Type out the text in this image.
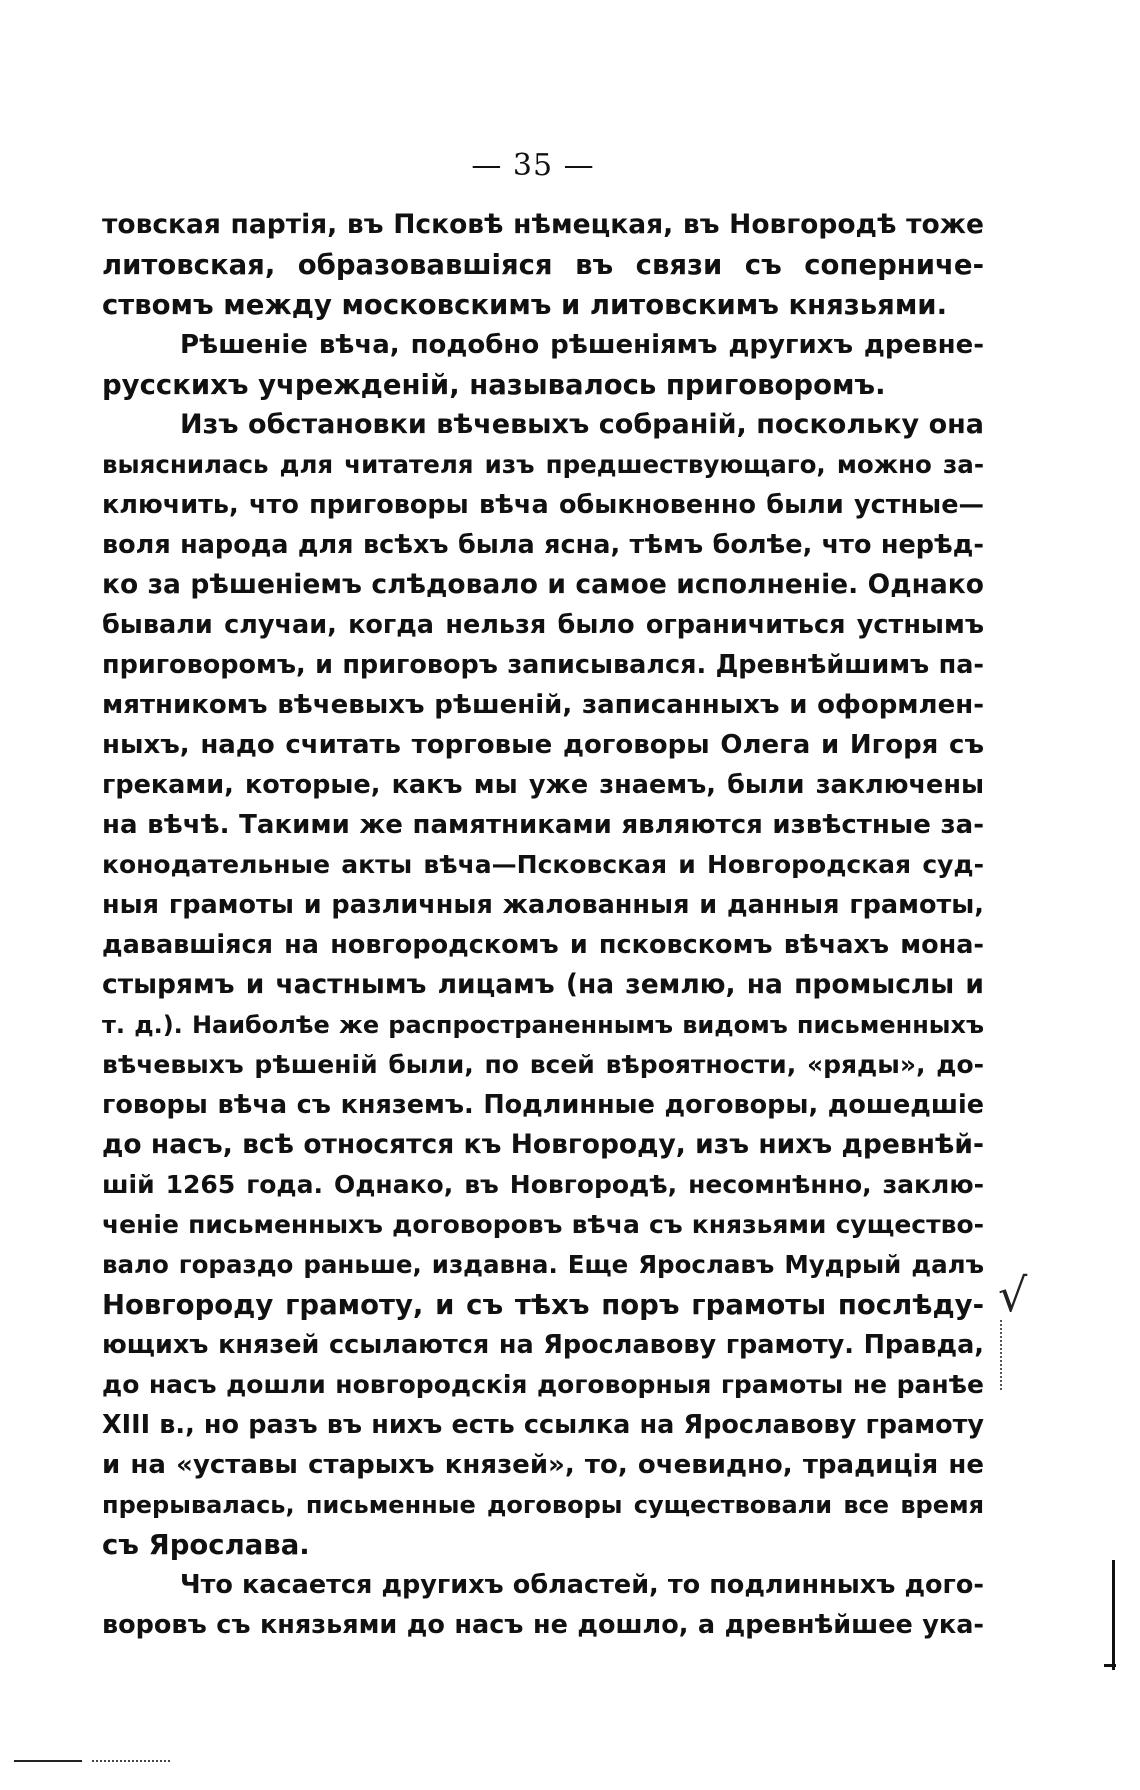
— 35 —
товская партія, въ Псковѣ нѣмецкая, въ Новгородѣ тоже
литовская, образовавшіяся въ связи съ соперниче-
ствомъ между московскимъ и литовскимъ князьями.
Рѣшеніе вѣча, подобно рѣшеніямъ другихъ древне-
русскихъ учрежденій, называлось приговоромъ.
Изъ обстановки вѣчевыхъ собраній, поскольку она
выяснилась для читателя изъ предшествующаго, можно за-
ключить, что приговоры вѣча обыкновенно были устные—
воля народа для всѣхъ была ясна, тѣмъ болѣе, что нерѣд-
ко за рѣшеніемъ слѣдовало и самое исполненіе. Однако
бывали случаи, когда нельзя было ограничиться устнымъ
приговоромъ, и приговоръ записывался. Древнѣйшимъ па-
мятникомъ вѣчевыхъ рѣшеній, записанныхъ и оформлен-
ныхъ, надо считать торговые договоры Олега и Игоря съ
греками, которые, какъ мы уже знаемъ, были заключены
на вѣчѣ. Такими же памятниками являются извѣстные за-
конодательные акты вѣча—Псковская и Новгородская суд-
ныя грамоты и различныя жалованныя и данныя грамоты,
дававшіяся на новгородскомъ и псковскомъ вѣчахъ мона-
стырямъ и частнымъ лицамъ (на землю, на промыслы и
т. д.). Наиболѣе же распространеннымъ видомъ письменныхъ
вѣчевыхъ рѣшеній были, по всей вѣроятности, «ряды», до-
говоры вѣча съ княземъ. Подлинные договоры, дошедшіе
до насъ, всѣ относятся къ Новгороду, изъ нихъ древнѣй-
шій 1265 года. Однако, въ Новгородѣ, несомнѣнно, заклю-
ченіе письменныхъ договоровъ вѣча съ князьями существо-
вало гораздо раньше, издавна. Еще Ярославъ Мудрый далъ
Новгороду грамоту, и съ тѣхъ поръ грамоты послѣду-
ющихъ князей ссылаются на Ярославову грамоту. Правда,
до насъ дошли новгородскія договорныя грамоты не ранѣе
XIII в., но разъ въ нихъ есть ссылка на Ярославову грамоту
и на «уставы старыхъ князей», то, очевидно, традиція не
прерывалась, письменные договоры существовали все время
съ Ярослава.
Что касается другихъ областей, то подлинныхъ дого-
воровъ съ князьями до насъ не дошло, а древнѣйшее ука-
√
